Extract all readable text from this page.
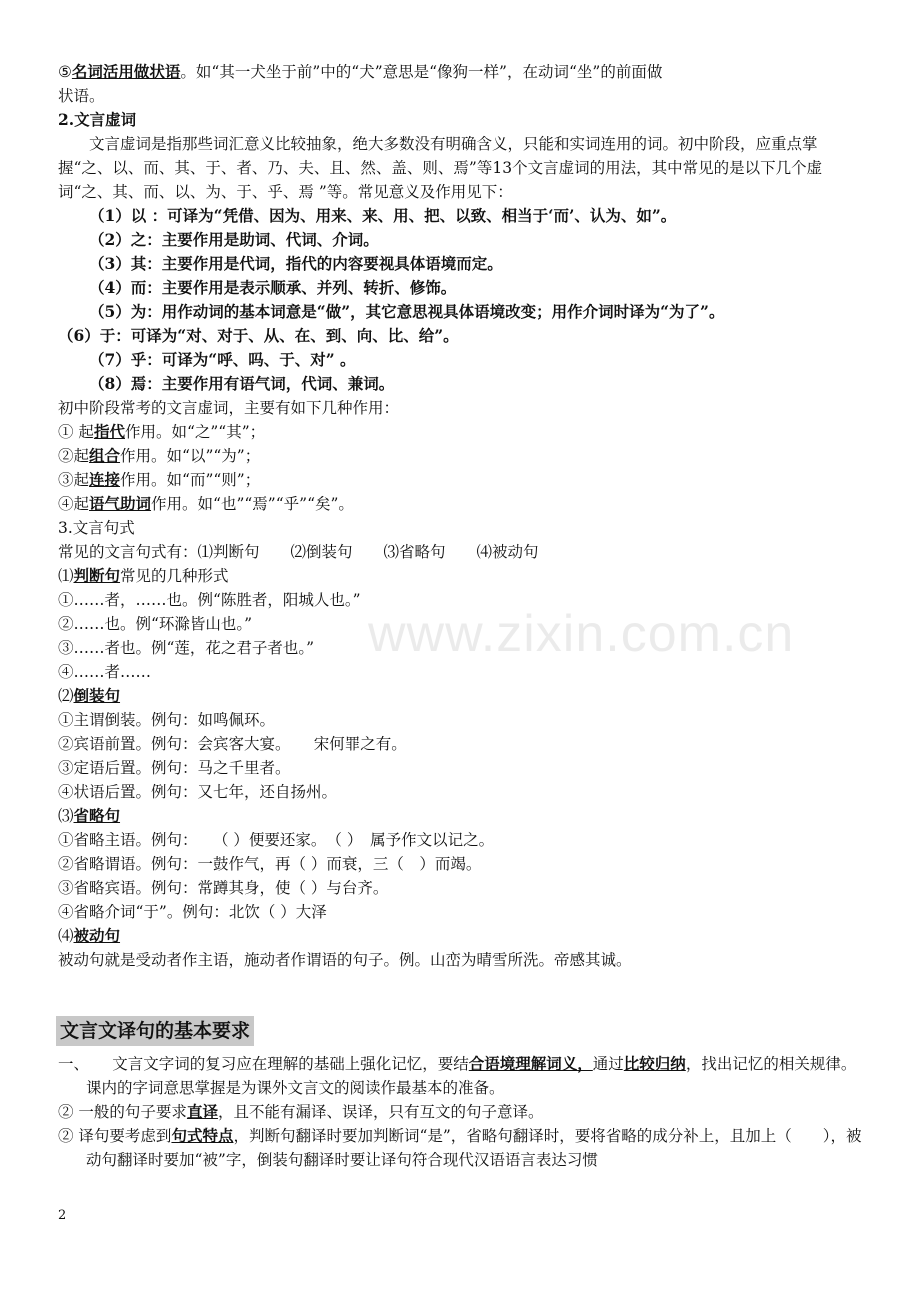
www.zixin.com.cn
⑤名词活用做状语。如“其一犬坐于前”中的“犬”意思是“像狗一样”，在动词“坐”的前面做
状语。
2.文言虚词
文言虚词是指那些词汇意义比较抽象，绝大多数没有明确含义，只能和实词连用的词。初中阶段，应重点掌握“之、以、而、其、于、者、乃、夫、且、然、盖、则、焉”等13个文言虚词的用法，其中常见的是以下几个虚词“之、其、而、以、为、于、乎、焉 ”等。常见意义及作用见下：
（1）以 ：可译为“凭借、因为、用来、来、用、把、以致、相当于‘而’、认为、如”。
（2）之：主要作用是助词、代词、介词。
（3）其：主要作用是代词，指代的内容要视具体语境而定。
（4）而：主要作用是表示顺承、并列、转折、修饰。
（5）为：用作动词的基本词意是“做”，其它意思视具体语境改变；用作介词时译为“为了”。
（6）于：可译为“对、对于、从、在、到、向、比、给”。
（7）乎：可译为“呼、吗、于、对” 。
（8）焉：主要作用有语气词，代词、兼词。
初中阶段常考的文言虚词，主要有如下几种作用：
① 起指代作用。如“之”“其”；
②起组合作用。如“以”“为”；
③起连接作用。如“而”“则”；
④起语气助词作用。如“也”“焉”“乎”“矣”。
3.文言句式
常见的文言句式有：⑴判断句　　⑵倒装句　　⑶省略句　　⑷被动句
⑴判断句常见的几种形式
①……者，……也。例“陈胜者，阳城人也。”
②……也。例“环滁皆山也。”
③……者也。例“莲，花之君子者也。”
④……者……
⑵倒装句
①主谓倒装。例句：如鸣佩环。
②宾语前置。例句：会宾客大宴。　　宋何罪之有。
③定语后置。例句：马之千里者。
④状语后置。例句：又七年，还自扬州。
⑶省略句
①省略主语。例句：　　（ ）便要还家。　（ ）　属予作文以记之。
②省略谓语。例句：一鼓作气，再（ ）而衰，三（　）而竭。
③省略宾语。例句：常蹲其身，使（ ）与台齐。
④省略介词“于”。例句：北饮（ ）大泽
⑷被动句
被动句就是受动者作主语，施动者作谓语的句子。例。山峦为晴雪所洗。帝感其诚。
文言文译句的基本要求
一、　　文言文字词的复习应在理解的基础上强化记忆，要结合语境理解词义，通过比较归纳，找出记忆的相关规律。课内的字词意思掌握是为课外文言文的阅读作最基本的准备。
② 一般的句子要求直译，且不能有漏译、误译，只有互文的句子意译。
② 译句要考虑到句式特点，判断句翻译时要加判断词“是”，省略句翻译时，要将省略的成分补上，且加上（　　），被动句翻译时要加“被”字，倒装句翻译时要让译句符合现代汉语语言表达习惯
2
